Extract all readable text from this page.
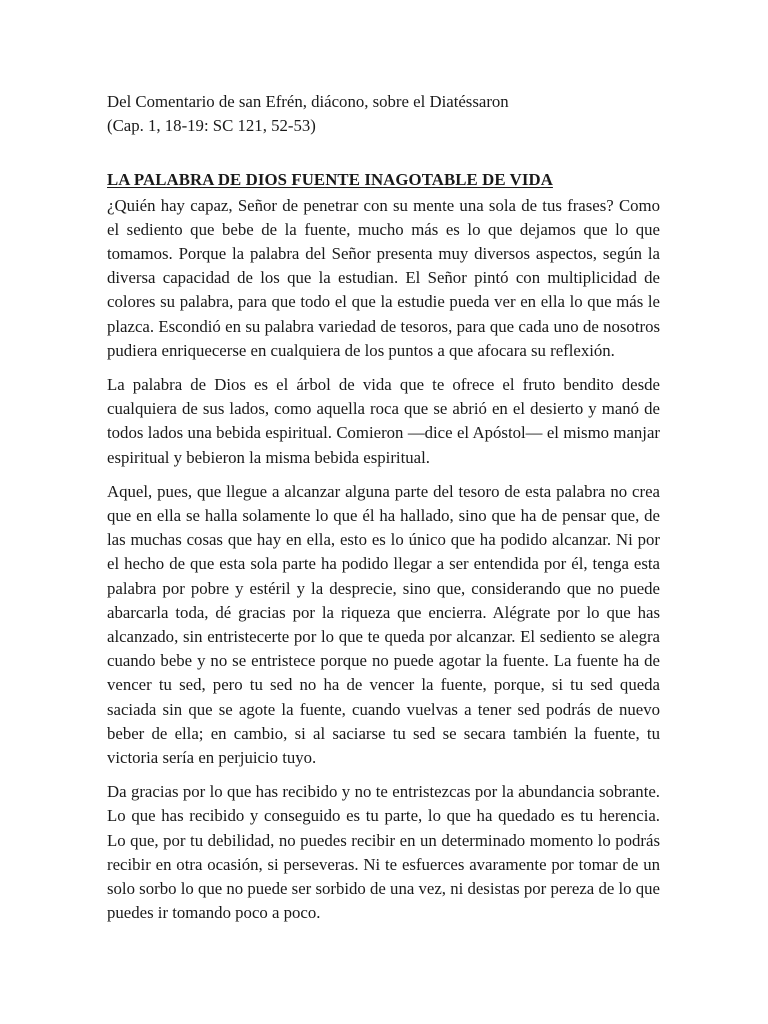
Del Comentario de san Efrén, diácono, sobre el Diatéssaron
(Cap. 1, 18-19: SC 121, 52-53)
LA PALABRA DE DIOS FUENTE INAGOTABLE DE VIDA

¿Quién hay capaz, Señor de penetrar con su mente una sola de tus frases? Como el sediento que bebe de la fuente, mucho más es lo que dejamos que lo que tomamos. Porque la palabra del Señor presenta muy diversos aspectos, según la diversa capacidad de los que la estudian. El Señor pintó con multiplicidad de colores su palabra, para que todo el que la estudie pueda ver en ella lo que más le plazca. Escondió en su palabra variedad de tesoros, para que cada uno de nosotros pudiera enriquecerse en cualquiera de los puntos a que afocara su reflexión.

La palabra de Dios es el árbol de vida que te ofrece el fruto bendito desde cualquiera de sus lados, como aquella roca que se abrió en el desierto y manó de todos lados una bebida espiritual. Comieron —dice el Apóstol— el mismo manjar espiritual y bebieron la misma bebida espiritual.

Aquel, pues, que llegue a alcanzar alguna parte del tesoro de esta palabra no crea que en ella se halla solamente lo que él ha hallado, sino que ha de pensar que, de las muchas cosas que hay en ella, esto es lo único que ha podido alcanzar. Ni por el hecho de que esta sola parte ha podido llegar a ser entendida por él, tenga esta palabra por pobre y estéril y la desprecie, sino que, considerando que no puede abarcarla toda, dé gracias por la riqueza que encierra. Alégrate por lo que has alcanzado, sin entristecerte por lo que te queda por alcanzar. El sediento se alegra cuando bebe y no se entristece porque no puede agotar la fuente. La fuente ha de vencer tu sed, pero tu sed no ha de vencer la fuente, porque, si tu sed queda saciada sin que se agote la fuente, cuando vuelvas a tener sed podrás de nuevo beber de ella; en cambio, si al saciarse tu sed se secara también la fuente, tu victoria sería en perjuicio tuyo.

Da gracias por lo que has recibido y no te entristezcas por la abundancia sobrante. Lo que has recibido y conseguido es tu parte, lo que ha quedado es tu herencia. Lo que, por tu debilidad, no puedes recibir en un determinado momento lo podrás recibir en otra ocasión, si perseveras. Ni te esfuerces avaramente por tomar de un solo sorbo lo que no puede ser sorbido de una vez, ni desistas por pereza de lo que puedes ir tomando poco a poco.
